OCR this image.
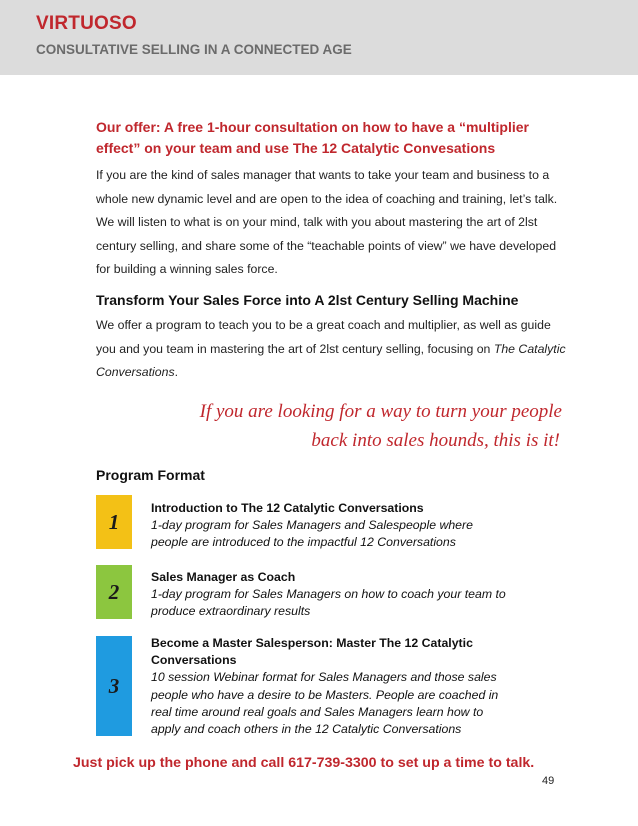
VIRTUOSO
CONSULTATIVE SELLING IN A CONNECTED AGE
Our offer: A free 1-hour consultation on how to have a “multiplier effect” on your team and use The 12 Catalytic Convesations
If you are the kind of sales manager that wants to take your team and business to a whole new dynamic level and are open to the idea of coaching and training, let’s talk. We will listen to what is on your mind, talk with you about mastering the art of 2lst century selling, and share some of the “teachable points of view” we have developed for building a winning sales force.
Transform Your Sales Force into A 2lst Century Selling Machine
We offer a program to teach you to be a great coach and multiplier, as well as guide you and you team in mastering the art of 2lst century selling, focusing on The Catalytic Conversations.
If you are looking for a way to turn your people
back into sales hounds, this is it!
Program Format
1
Introduction to The 12 Catalytic Conversations
1-day program for Sales Managers and Salespeople where people are introduced to the impactful 12 Conversations
2
Sales Manager as Coach
1-day program for Sales Managers on how to coach your team to produce extraordinary results
3
Become a Master Salesperson: Master The 12 Catalytic Conversations
10 session Webinar format for Sales Managers and those sales people who have a desire to be Masters. People are coached in real time around real goals and Sales Managers learn how to apply and coach others in the 12 Catalytic Conversations
Just pick up the phone and call 617-739-3300 to set up a time to talk.
49
